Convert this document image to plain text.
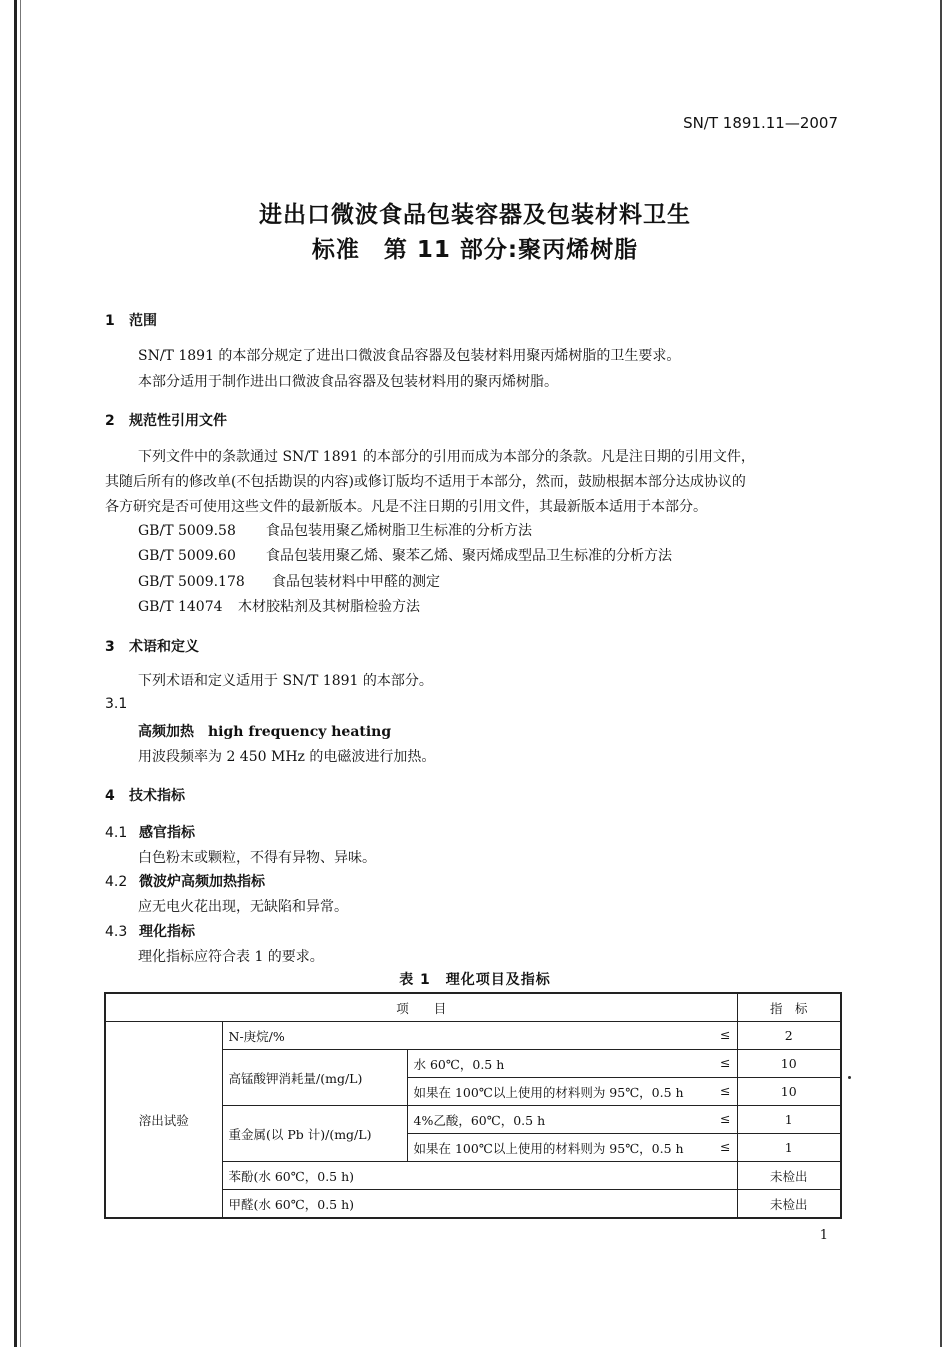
SN/T 1891.11—2007
进出口微波食品包装容器及包装材料卫生
标准　第 11 部分:聚丙烯树脂
1 范围
SN/T 1891 的本部分规定了进出口微波食品容器及包装材料用聚丙烯树脂的卫生要求。
本部分适用于制作进出口微波食品容器及包装材料用的聚丙烯树脂。
2 规范性引用文件
下列文件中的条款通过 SN/T 1891 的本部分的引用而成为本部分的条款。凡是注日期的引用文件，
其随后所有的修改单(不包括勘误的内容)或修订版均不适用于本部分，然而，鼓励根据本部分达成协议的
各方研究是否可使用这些文件的最新版本。凡是不注日期的引用文件，其最新版本适用于本部分。
GB/T 5009.58 食品包装用聚乙烯树脂卫生标准的分析方法
GB/T 5009.60 食品包装用聚乙烯、聚苯乙烯、聚丙烯成型品卫生标准的分析方法
GB/T 5009.178 食品包装材料中甲醛的测定
GB/T 14074 木材胶粘剂及其树脂检验方法
3 术语和定义
下列术语和定义适用于 SN/T 1891 的本部分。
3.1
高频加热 high frequency heating
用波段频率为 2 450 MHz 的电磁波进行加热。
4 技术指标
4.1 感官指标
白色粉末或颗粒，不得有异物、异味。
4.2 微波炉高频加热指标
应无电火花出现，无缺陷和异常。
4.3 理化指标
理化指标应符合表 1 的要求。
表 1　理化项目及指标
项　　目			指　标
溶出试验	N-庚烷/% ≤		2
	高锰酸钾消耗量/(mg/L)	水 60℃，0.5 h ≤	10
		如果在 100℃以上使用的材料则为 95℃，0.5 h ≤	10
	重金属(以 Pb 计)/(mg/L)	4%乙酸，60℃，0.5 h ≤	1
		如果在 100℃以上使用的材料则为 95℃，0.5 h ≤	1
	苯酚(水 60℃，0.5 h)		未检出
	甲醛(水 60℃，0.5 h)		未检出
1
